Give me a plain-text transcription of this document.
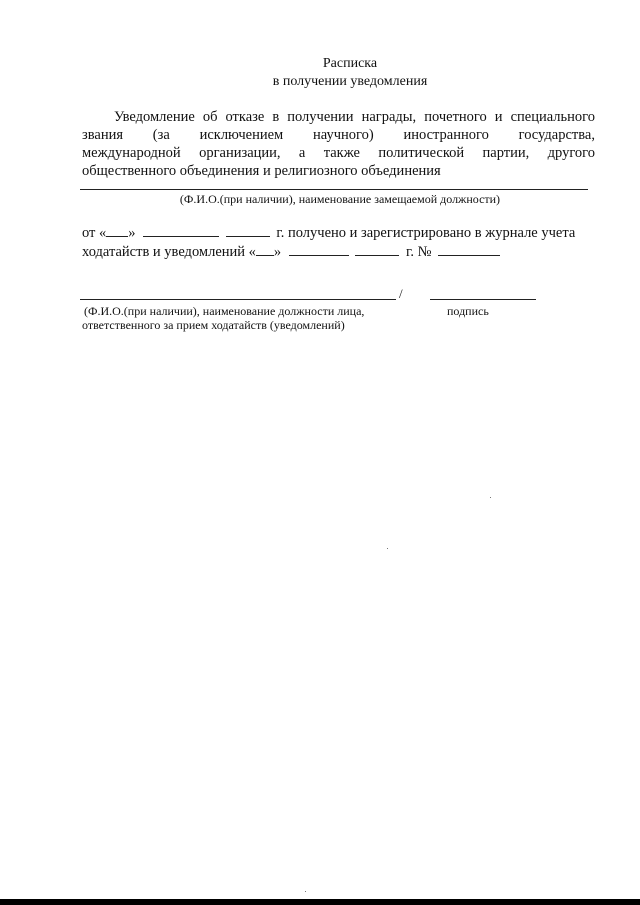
Расписка
в получении уведомления
Уведомление об отказе в получении награды, почетного и специального
звания (за исключением научного) иностранного государства,
международной организации, а также политической партии, другого
общественного объединения и религиозного объединения
(Ф.И.О.(при наличии), наименование замещаемой должности)
от « »	г. получено и зарегистрировано в журнале учета
ходатайств и уведомлений « »	г. №
/
(Ф.И.О.(при наличии), наименование должности лица,
ответственного за прием ходатайств (уведомлений)
подпись
